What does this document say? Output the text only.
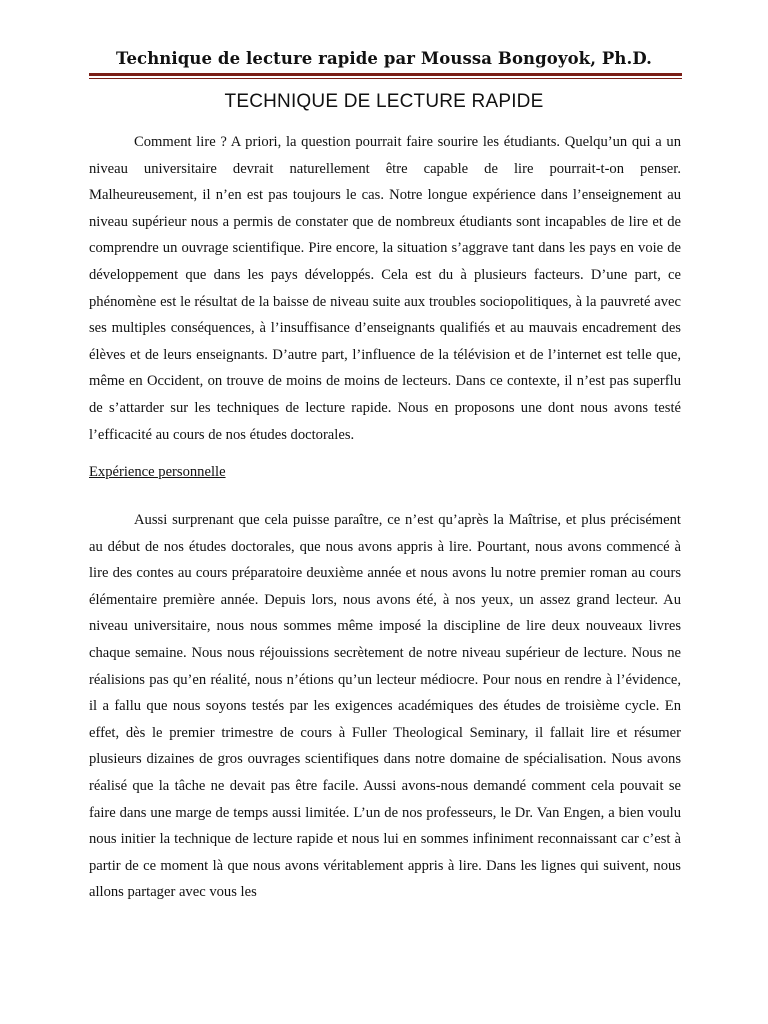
Technique de lecture rapide par Moussa Bongoyok, Ph.D.
TECHNIQUE DE LECTURE RAPIDE

Comment lire ? A priori, la question pourrait faire sourire les étudiants. Quelqu’un qui a un niveau universitaire devrait naturellement être capable de lire pourrait-t-on penser. Malheureusement, il n’en est pas toujours le cas. Notre longue expérience dans l’enseignement au niveau supérieur nous a permis de constater que de nombreux étudiants sont incapables de lire et de comprendre un ouvrage scientifique. Pire encore, la situation s’aggrave tant dans les pays en voie de développement que dans les pays développés. Cela est du à plusieurs facteurs. D’une part, ce phénomène est le résultat de la baisse de niveau suite aux troubles sociopolitiques, à la pauvreté avec ses multiples conséquences, à l’insuffisance d’enseignants qualifiés et au mauvais encadrement des élèves et de leurs enseignants. D’autre part, l’influence de la télévision et de l’internet est telle que, même en Occident, on trouve de moins de moins de lecteurs. Dans ce contexte, il n’est pas superflu de s’attarder sur les techniques de lecture rapide. Nous en proposons une dont nous avons testé l’efficacité au cours de nos études doctorales.

Expérience personnelle

Aussi surprenant que cela puisse paraître, ce n’est qu’après la Maîtrise, et plus précisément au début de nos études doctorales, que nous avons appris à lire. Pourtant, nous avons commencé à lire des contes au cours préparatoire deuxième année et nous avons lu notre premier roman au cours élémentaire première année. Depuis lors, nous avons été, à nos yeux, un assez grand lecteur. Au niveau universitaire, nous nous sommes même imposé la discipline de lire deux nouveaux livres chaque semaine. Nous nous réjouissions secrètement de notre niveau supérieur de lecture. Nous ne réalisions pas qu’en réalité, nous n’étions qu’un lecteur médiocre. Pour nous en rendre à l’évidence, il a fallu que nous soyons testés par les exigences académiques des études de troisième cycle. En effet, dès le premier trimestre de cours à Fuller Theological Seminary, il fallait lire et résumer plusieurs dizaines de gros ouvrages scientifiques dans notre domaine de spécialisation. Nous avons réalisé que la tâche ne devait pas être facile. Aussi avons-nous demandé comment cela pouvait se faire dans une marge de temps aussi limitée. L’un de nos professeurs, le Dr. Van Engen, a bien voulu nous initier la technique de lecture rapide et nous lui en sommes infiniment reconnaissant car c’est à partir de ce moment là que nous avons véritablement appris à lire. Dans les lignes qui suivent, nous allons partager avec vous les
